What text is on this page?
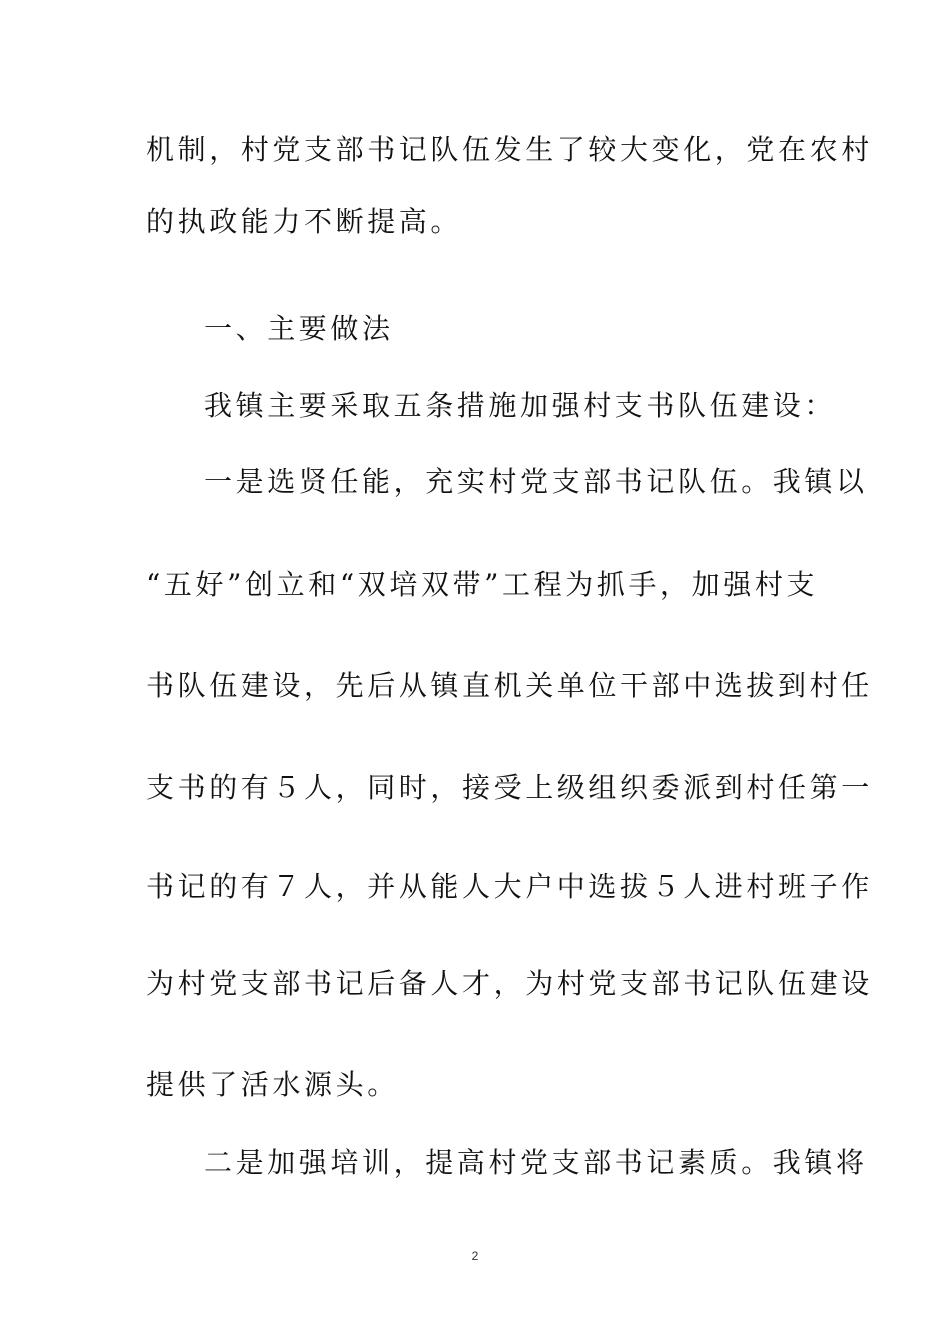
机制，村党支部书记队伍发生了较大变化，党在农村
的执政能力不断提高。
一、主要做法
我镇主要采取五条措施加强村支书队伍建设：
一是选贤任能，充实村党支部书记队伍。我镇以
“五好”创立和“双培双带”工程为抓手，加强村支
书队伍建设，先后从镇直机关单位干部中选拔到村任
支书的有５人，同时，接受上级组织委派到村任第一
书记的有７人，并从能人大户中选拔５人进村班子作
为村党支部书记后备人才，为村党支部书记队伍建设
提供了活水源头。
二是加强培训，提高村党支部书记素质。我镇将
2
